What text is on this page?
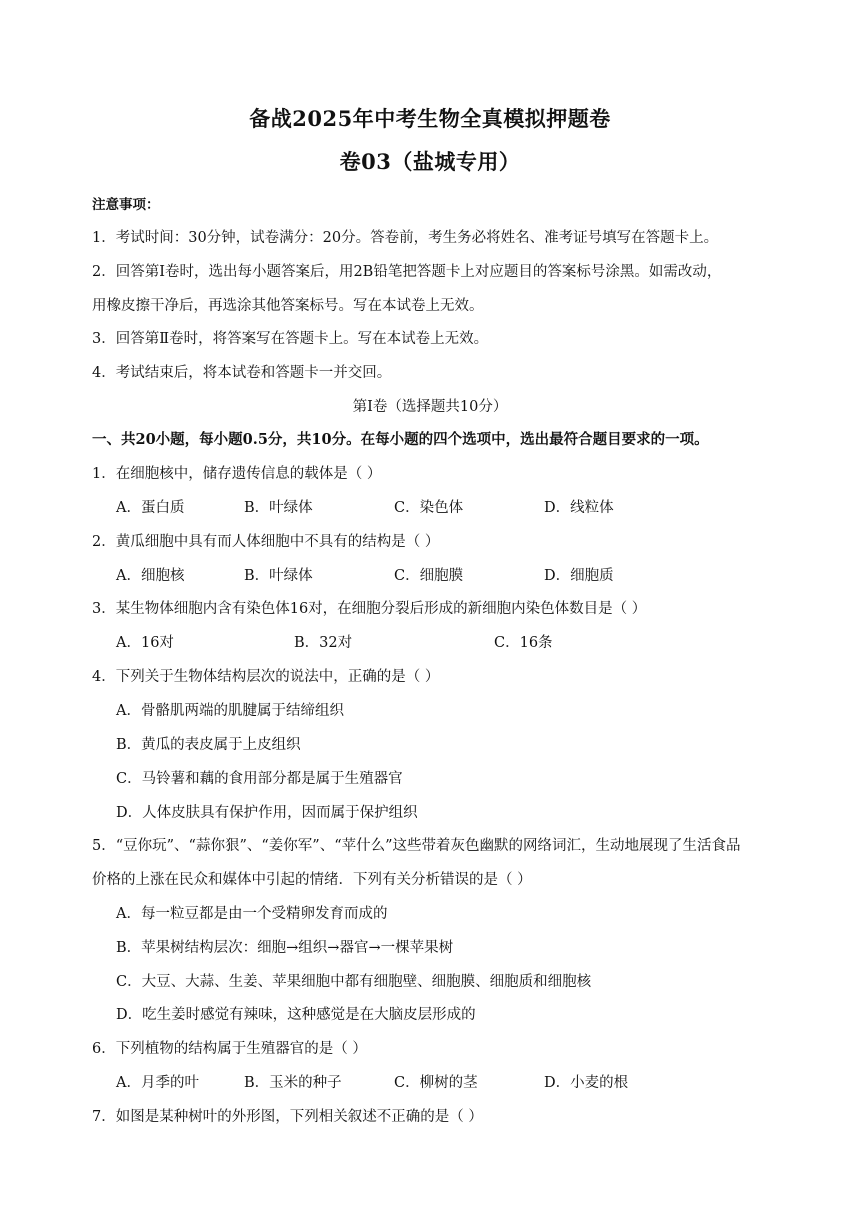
备战2025年中考生物全真模拟押题卷
卷03（盐城专用）
注意事项：
1．考试时间：30分钟，试卷满分：20分。答卷前，考生务必将姓名、准考证号填写在答题卡上。
2．回答第Ⅰ卷时，选出每小题答案后，用2B铅笔把答题卡上对应题目的答案标号涂黑。如需改动，
用橡皮擦干净后，再选涂其他答案标号。写在本试卷上无效。
3．回答第Ⅱ卷时，将答案写在答题卡上。写在本试卷上无效。
4．考试结束后，将本试卷和答题卡一并交回。
第Ⅰ卷（选择题共10分）
一、共20小题，每小题0.5分，共10分。在每小题的四个选项中，选出最符合题目要求的一项。
1．在细胞核中，储存遗传信息的载体是（ ）
A．蛋白质	B．叶绿体	C．染色体	D．线粒体
2．黄瓜细胞中具有而人体细胞中不具有的结构是（ ）
A．细胞核	B．叶绿体	C．细胞膜	D．细胞质
3．某生物体细胞内含有染色体16对，在细胞分裂后形成的新细胞内染色体数目是（ ）
A．16对	B．32对	C．16条
4．下列关于生物体结构层次的说法中，正确的是（ ）
A．骨骼肌两端的肌腱属于结缔组织
B．黄瓜的表皮属于上皮组织
C．马铃薯和藕的食用部分都是属于生殖器官
D．人体皮肤具有保护作用，因而属于保护组织
5．“豆你玩”、“蒜你狠”、“姜你军”、“苹什么”这些带着灰色幽默的网络词汇，生动地展现了生活食品
价格的上涨在民众和媒体中引起的情绪．下列有关分析错误的是（ ）
A．每一粒豆都是由一个受精卵发育而成的
B．苹果树结构层次：细胞→组织→器官→一棵苹果树
C．大豆、大蒜、生姜、苹果细胞中都有细胞壁、细胞膜、细胞质和细胞核
D．吃生姜时感觉有辣味，这种感觉是在大脑皮层形成的
6．下列植物的结构属于生殖器官的是（ ）
A．月季的叶	B．玉米的种子	C．柳树的茎	D．小麦的根
7．如图是某种树叶的外形图，下列相关叙述不正确的是（ ）
